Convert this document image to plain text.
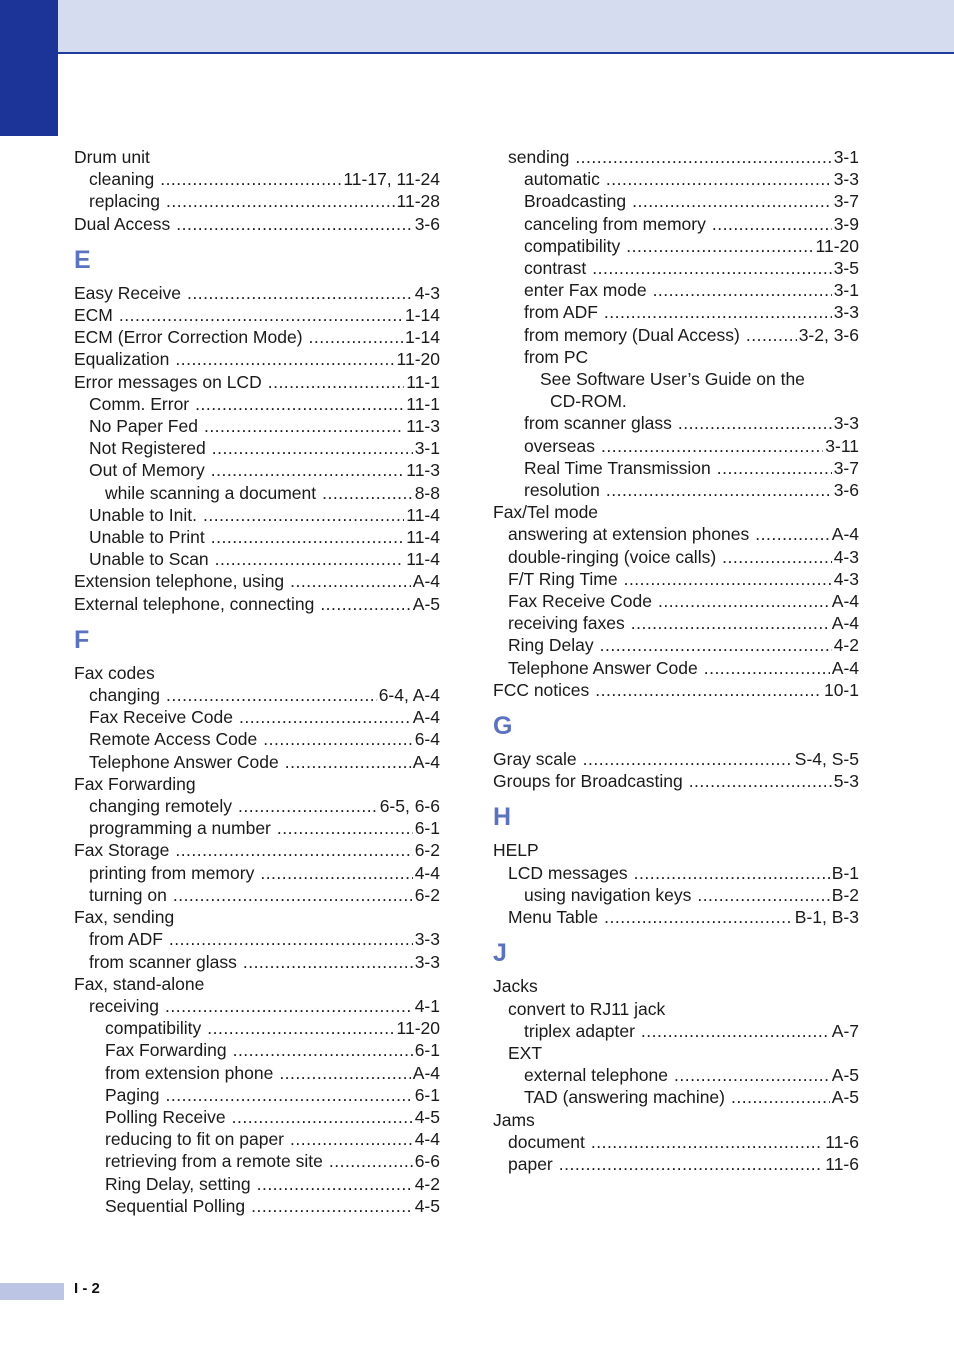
Drum unit
cleaning .....	11-17, 11-24
replacing .....	11-28
Dual Access .....	3-6
E
Easy Receive .....	4-3
ECM .....	1-14
ECM (Error Correction Mode) .....	1-14
Equalization .....	11-20
Error messages on LCD .....	11-1
Comm. Error .....	11-1
No Paper Fed .....	11-3
Not Registered .....	3-1
Out of Memory .....	11-3
while scanning a document .....	8-8
Unable to Init. .....	11-4
Unable to Print .....	11-4
Unable to Scan .....	11-4
Extension telephone, using .....	A-4
External telephone, connecting .....	A-5
F
Fax codes
changing .....	6-4, A-4
Fax Receive Code .....	A-4
Remote Access Code .....	6-4
Telephone Answer Code .....	A-4
Fax Forwarding
changing remotely .....	6-5, 6-6
programming a number .....	6-1
Fax Storage .....	6-2
printing from memory .....	4-4
turning on .....	6-2
Fax, sending
from ADF .....	3-3
from scanner glass .....	3-3
Fax, stand-alone
receiving .....	4-1
compatibility .....	11-20
Fax Forwarding .....	6-1
from extension phone .....	A-4
Paging .....	6-1
Polling Receive .....	4-5
reducing to fit on paper .....	4-4
retrieving from a remote site .....	6-6
Ring Delay, setting .....	4-2
Sequential Polling .....	4-5
sending .....	3-1
automatic .....	3-3
Broadcasting .....	3-7
canceling from memory .....	3-9
compatibility .....	11-20
contrast .....	3-5
enter Fax mode .....	3-1
from ADF .....	3-3
from memory (Dual Access) .....	3-2, 3-6
from PC
See Software User’s Guide on the
CD-ROM.
from scanner glass .....	3-3
overseas .....	3-11
Real Time Transmission .....	3-7
resolution .....	3-6
Fax/Tel mode
answering at extension phones .....	A-4
double-ringing (voice calls) .....	4-3
F/T Ring Time .....	4-3
Fax Receive Code .....	A-4
receiving faxes .....	A-4
Ring Delay .....	4-2
Telephone Answer Code .....	A-4
FCC notices .....	10-1
G
Gray scale .....	S-4, S-5
Groups for Broadcasting .....	5-3
H
HELP
LCD messages .....	B-1
using navigation keys .....	B-2
Menu Table .....	B-1, B-3
J
Jacks
convert to RJ11 jack
triplex adapter .....	A-7
EXT
external telephone .....	A-5
TAD (answering machine) .....	A-5
Jams
document .....	11-6
paper .....	11-6
I - 2
